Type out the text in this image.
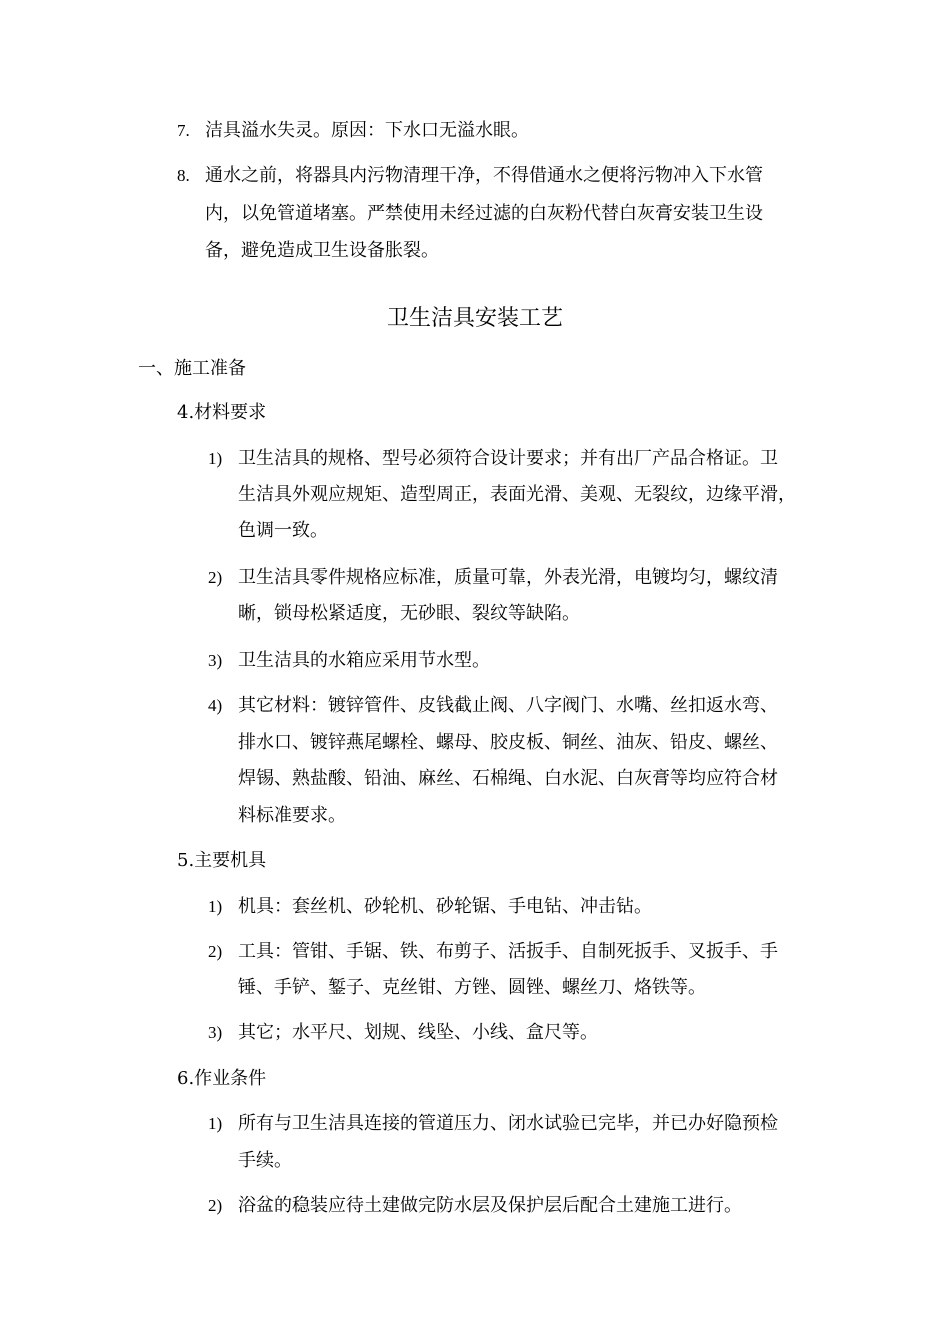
7. 洁具溢水失灵。原因：下水口无溢水眼。
8. 通水之前，将器具内污物清理干净，不得借通水之便将污物冲入下水管
内，以免管道堵塞。严禁使用未经过滤的白灰粉代替白灰膏安装卫生设
备，避免造成卫生设备胀裂。
卫生洁具安装工艺
一、施工准备
4.材料要求
1) 卫生洁具的规格、型号必须符合设计要求；并有出厂产品合格证。卫
生洁具外观应规矩、造型周正，表面光滑、美观、无裂纹，边缘平滑，
色调一致。
2) 卫生洁具零件规格应标准，质量可靠，外表光滑，电镀均匀，螺纹清
晰，锁母松紧适度，无砂眼、裂纹等缺陷。
3) 卫生洁具的水箱应采用节水型。
4) 其它材料：镀锌管件、皮钱截止阀、八字阀门、水嘴、丝扣返水弯、
排水口、镀锌燕尾螺栓、螺母、胶皮板、铜丝、油灰、铅皮、螺丝、
焊锡、熟盐酸、铅油、麻丝、石棉绳、白水泥、白灰膏等均应符合材
料标准要求。
5.主要机具
1) 机具：套丝机、砂轮机、砂轮锯、手电钻、冲击钻。
2) 工具：管钳、手锯、铁、布剪子、活扳手、自制死扳手、叉扳手、手
锤、手铲、錾子、克丝钳、方锉、圆锉、螺丝刀、烙铁等。
3) 其它；水平尺、划规、线坠、小线、盒尺等。
6.作业条件
1) 所有与卫生洁具连接的管道压力、闭水试验已完毕，并已办好隐预检
手续。
2) 浴盆的稳装应待土建做完防水层及保护层后配合土建施工进行。
